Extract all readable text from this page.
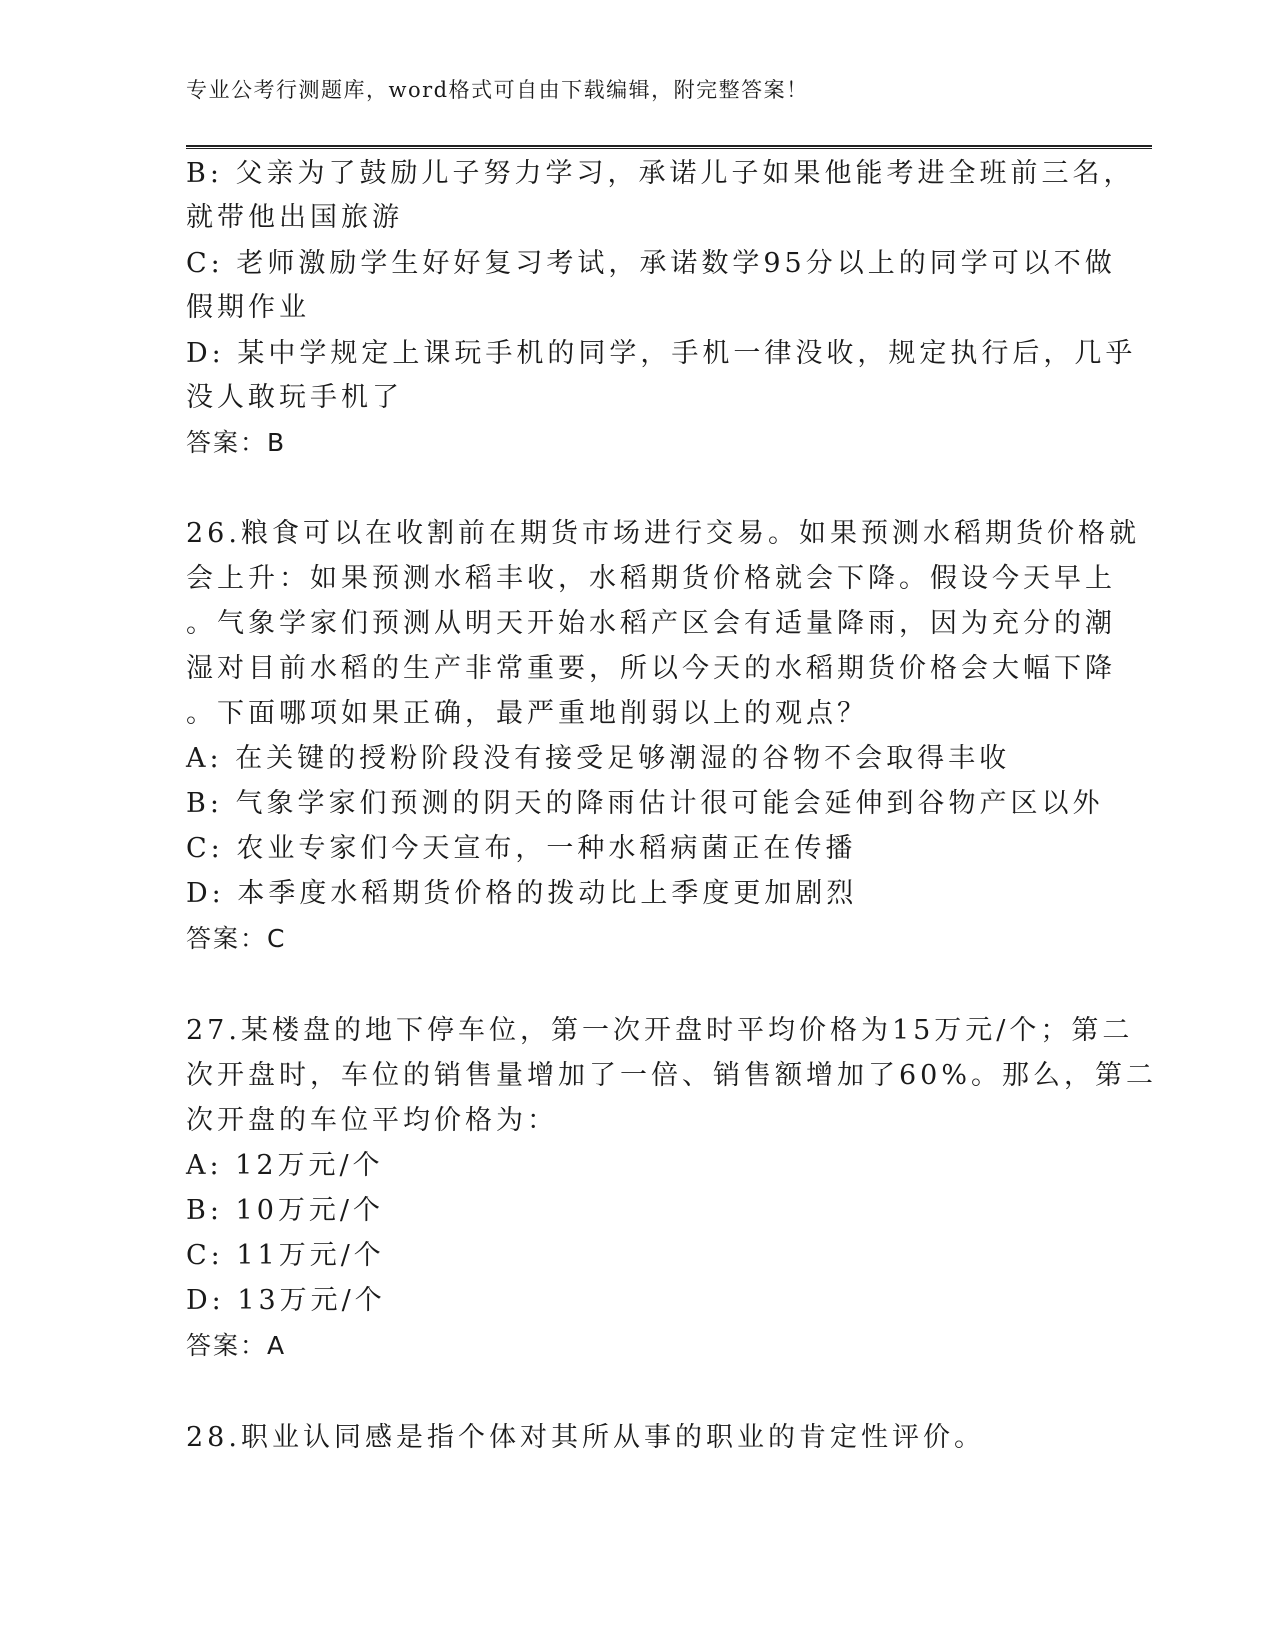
专业公考行测题库，word格式可自由下载编辑，附完整答案！
B: 父亲为了鼓励儿子努力学习，承诺儿子如果他能考进全班前三名，
就带他出国旅游
C: 老师激励学生好好复习考试，承诺数学95分以上的同学可以不做
假期作业
D: 某中学规定上课玩手机的同学，手机一律没收，规定执行后，几乎
没人敢玩手机了
答案：B
26.粮食可以在收割前在期货市场进行交易。如果预测水稻期货价格就
会上升：如果预测水稻丰收，水稻期货价格就会下降。假设今天早上
。气象学家们预测从明天开始水稻产区会有适量降雨，因为充分的潮
湿对目前水稻的生产非常重要，所以今天的水稻期货价格会大幅下降
。下面哪项如果正确，最严重地削弱以上的观点？
A: 在关键的授粉阶段没有接受足够潮湿的谷物不会取得丰收
B: 气象学家们预测的阴天的降雨估计很可能会延伸到谷物产区以外
C: 农业专家们今天宣布，一种水稻病菌正在传播
D: 本季度水稻期货价格的拨动比上季度更加剧烈
答案：C
27.某楼盘的地下停车位，第一次开盘时平均价格为15万元/个；第二
次开盘时，车位的销售量增加了一倍、销售额增加了60%。那么，第二
次开盘的车位平均价格为：
A: 12万元/个
B: 10万元/个
C: 11万元/个
D: 13万元/个
答案：A
28.职业认同感是指个体对其所从事的职业的肯定性评价。
